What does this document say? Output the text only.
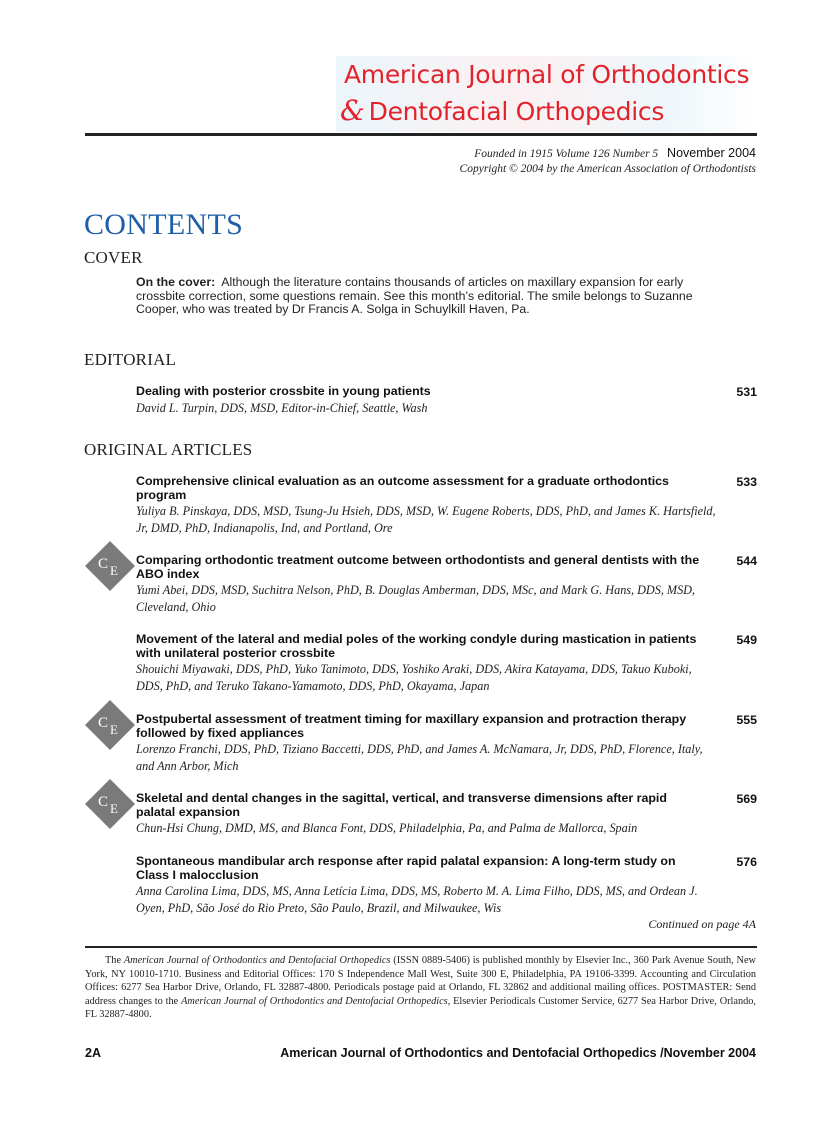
American Journal of Orthodontics
& Dentofacial Orthopedics
Founded in 1915 Volume 126 Number 5 November 2004
Copyright © 2004 by the American Association of Orthodontists
CONTENTS
COVER
On the cover: Although the literature contains thousands of articles on maxillary expansion for early crossbite correction, some questions remain. See this month’s editorial. The smile belongs to Suzanne Cooper, who was treated by Dr Francis A. Solga in Schuylkill Haven, Pa.
EDITORIAL
Dealing with posterior crossbite in young patients	531
David L. Turpin, DDS, MSD, Editor-in-Chief, Seattle, Wash
ORIGINAL ARTICLES
Comprehensive clinical evaluation as an outcome assessment for a graduate orthodontics program
533
Yuliya B. Pinskaya, DDS, MSD, Tsung-Ju Hsieh, DDS, MSD, W. Eugene Roberts, DDS, PhD, and James K. Hartsfield, Jr, DMD, PhD, Indianapolis, Ind, and Portland, Ore
C E
Comparing orthodontic treatment outcome between orthodontists and general dentists with the ABO index
544
Yumi Abei, DDS, MSD, Suchitra Nelson, PhD, B. Douglas Amberman, DDS, MSc, and Mark G. Hans, DDS, MSD, Cleveland, Ohio
Movement of the lateral and medial poles of the working condyle during mastication in patients with unilateral posterior crossbite
549
Shouichi Miyawaki, DDS, PhD, Yuko Tanimoto, DDS, Yoshiko Araki, DDS, Akira Katayama, DDS, Takuo Kuboki, DDS, PhD, and Teruko Takano-Yamamoto, DDS, PhD, Okayama, Japan
C E
Postpubertal assessment of treatment timing for maxillary expansion and protraction therapy followed by fixed appliances
555
Lorenzo Franchi, DDS, PhD, Tiziano Baccetti, DDS, PhD, and James A. McNamara, Jr, DDS, PhD, Florence, Italy, and Ann Arbor, Mich
C E
Skeletal and dental changes in the sagittal, vertical, and transverse dimensions after rapid palatal expansion
569
Chun-Hsi Chung, DMD, MS, and Blanca Font, DDS, Philadelphia, Pa, and Palma de Mallorca, Spain
Spontaneous mandibular arch response after rapid palatal expansion: A long-term study on Class I malocclusion
576
Anna Carolina Lima, DDS, MS, Anna Letícia Lima, DDS, MS, Roberto M. A. Lima Filho, DDS, MS, and Ordean J. Oyen, PhD, São José do Rio Preto, São Paulo, Brazil, and Milwaukee, Wis
Continued on page 4A
The American Journal of Orthodontics and Dentofacial Orthopedics (ISSN 0889-5406) is published monthly by Elsevier Inc., 360 Park Avenue South, New York, NY 10010-1710. Business and Editorial Offices: 170 S Independence Mall West, Suite 300 E, Philadelphia, PA 19106-3399. Accounting and Circulation Offices: 6277 Sea Harbor Drive, Orlando, FL 32887-4800. Periodicals postage paid at Orlando, FL 32862 and additional mailing offices. POSTMASTER: Send address changes to the American Journal of Orthodontics and Dentofacial Orthopedics, Elsevier Periodicals Customer Service, 6277 Sea Harbor Drive, Orlando, FL 32887-4800.
2A	American Journal of Orthodontics and Dentofacial Orthopedics /November 2004
